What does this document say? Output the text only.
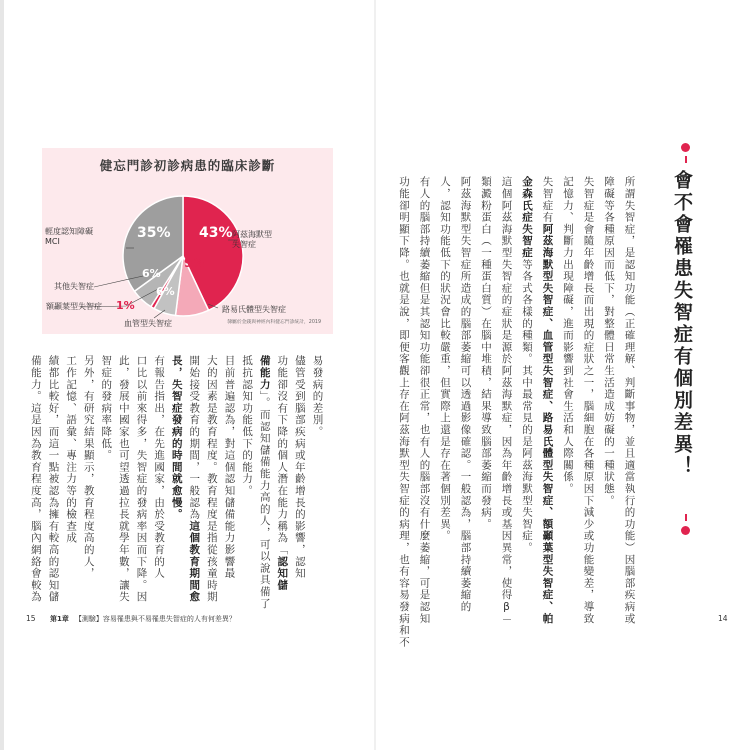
健忘門診初診病患的臨床診斷
阿茲海默型
失智症
輕度認知障礙
MCI
其他失智症
額顳葉型失智症	路易氏體型失智症
血管型失智症
43%
35%
9%
6%
6%
1%
隸屬於金錢與神經內科健忘門診統計，2019	會不會罹患失智症有個別差異！
所謂失智症，是認知功能（正確理解、判斷事物，並且適當執行的功能）因腦部疾病或
障礙等各種原因而低下，對整體日常生活造成妨礙的一種狀態。
失智症是會隨年齡增長而出現的症狀之一，腦細胞在各種原因下減少或功能變差，導致
記憶力、判斷力出現障礙，進而影響到社會生活和人際關係。
失智症有阿茲海默型失智症、血管型失智症、路易氏體型失智症、額顳葉型失智症、帕
金森氏症失智症等各式各樣的種類。其中最常見的是阿茲海默型失智症。
這個阿茲海默型失智症的症狀是源於阿茲海默症，因為年齡增長或基因異常，使得β－
類澱粉蛋白（一種蛋白質）在腦中堆積，結果導致腦部萎縮而發病。
阿茲海默型失智症所造成的腦部萎縮可以透過影像確認。一般認為，腦部持續萎縮的
人，認知功能低下的狀況會比較嚴重，但實際上還是存在著個別差異。
有人的腦部持續萎縮但是其認知功能卻很正常，也有人的腦部沒有什麼萎縮，可是認知
功能卻明顯下降。也就是說，即便客觀上存在阿茲海默型失智症的病理，也有容易發病和不
易發病的差別。
儘管受到腦部疾病或年齡增長的影響，認知
功能卻沒有下降的個人潛在能力稱為「認知儲
備能力」。而認知儲備能力高的人，可以說具備了
抵抗認知功能低下的能力。
目前普遍認為，對這個認知儲備能力影響最
大的因素是教育程度。教育程度是指從孩童時期
開始接受教育的期間，一般認為這個教育期間愈
長，失智症發病的時間就愈慢。
有報告指出，在先進國家，由於受教育的人
口比以前來得多，失智症的發病率因而下降。因
此，發展中國家也可望透過拉長就學年數，讓失
智症的發病率降低。
另外，有研究結果顯示，教育程度高的人，
工作記憶、語彙、專注力等的檢查成
績都比較好，而這一點被認為擁有較高的認知儲
備能力。這是因為教育程度高，腦內網絡會較為
15	第1章 【測驗】容易罹患與不易罹患失智症的人有何差異？	14
